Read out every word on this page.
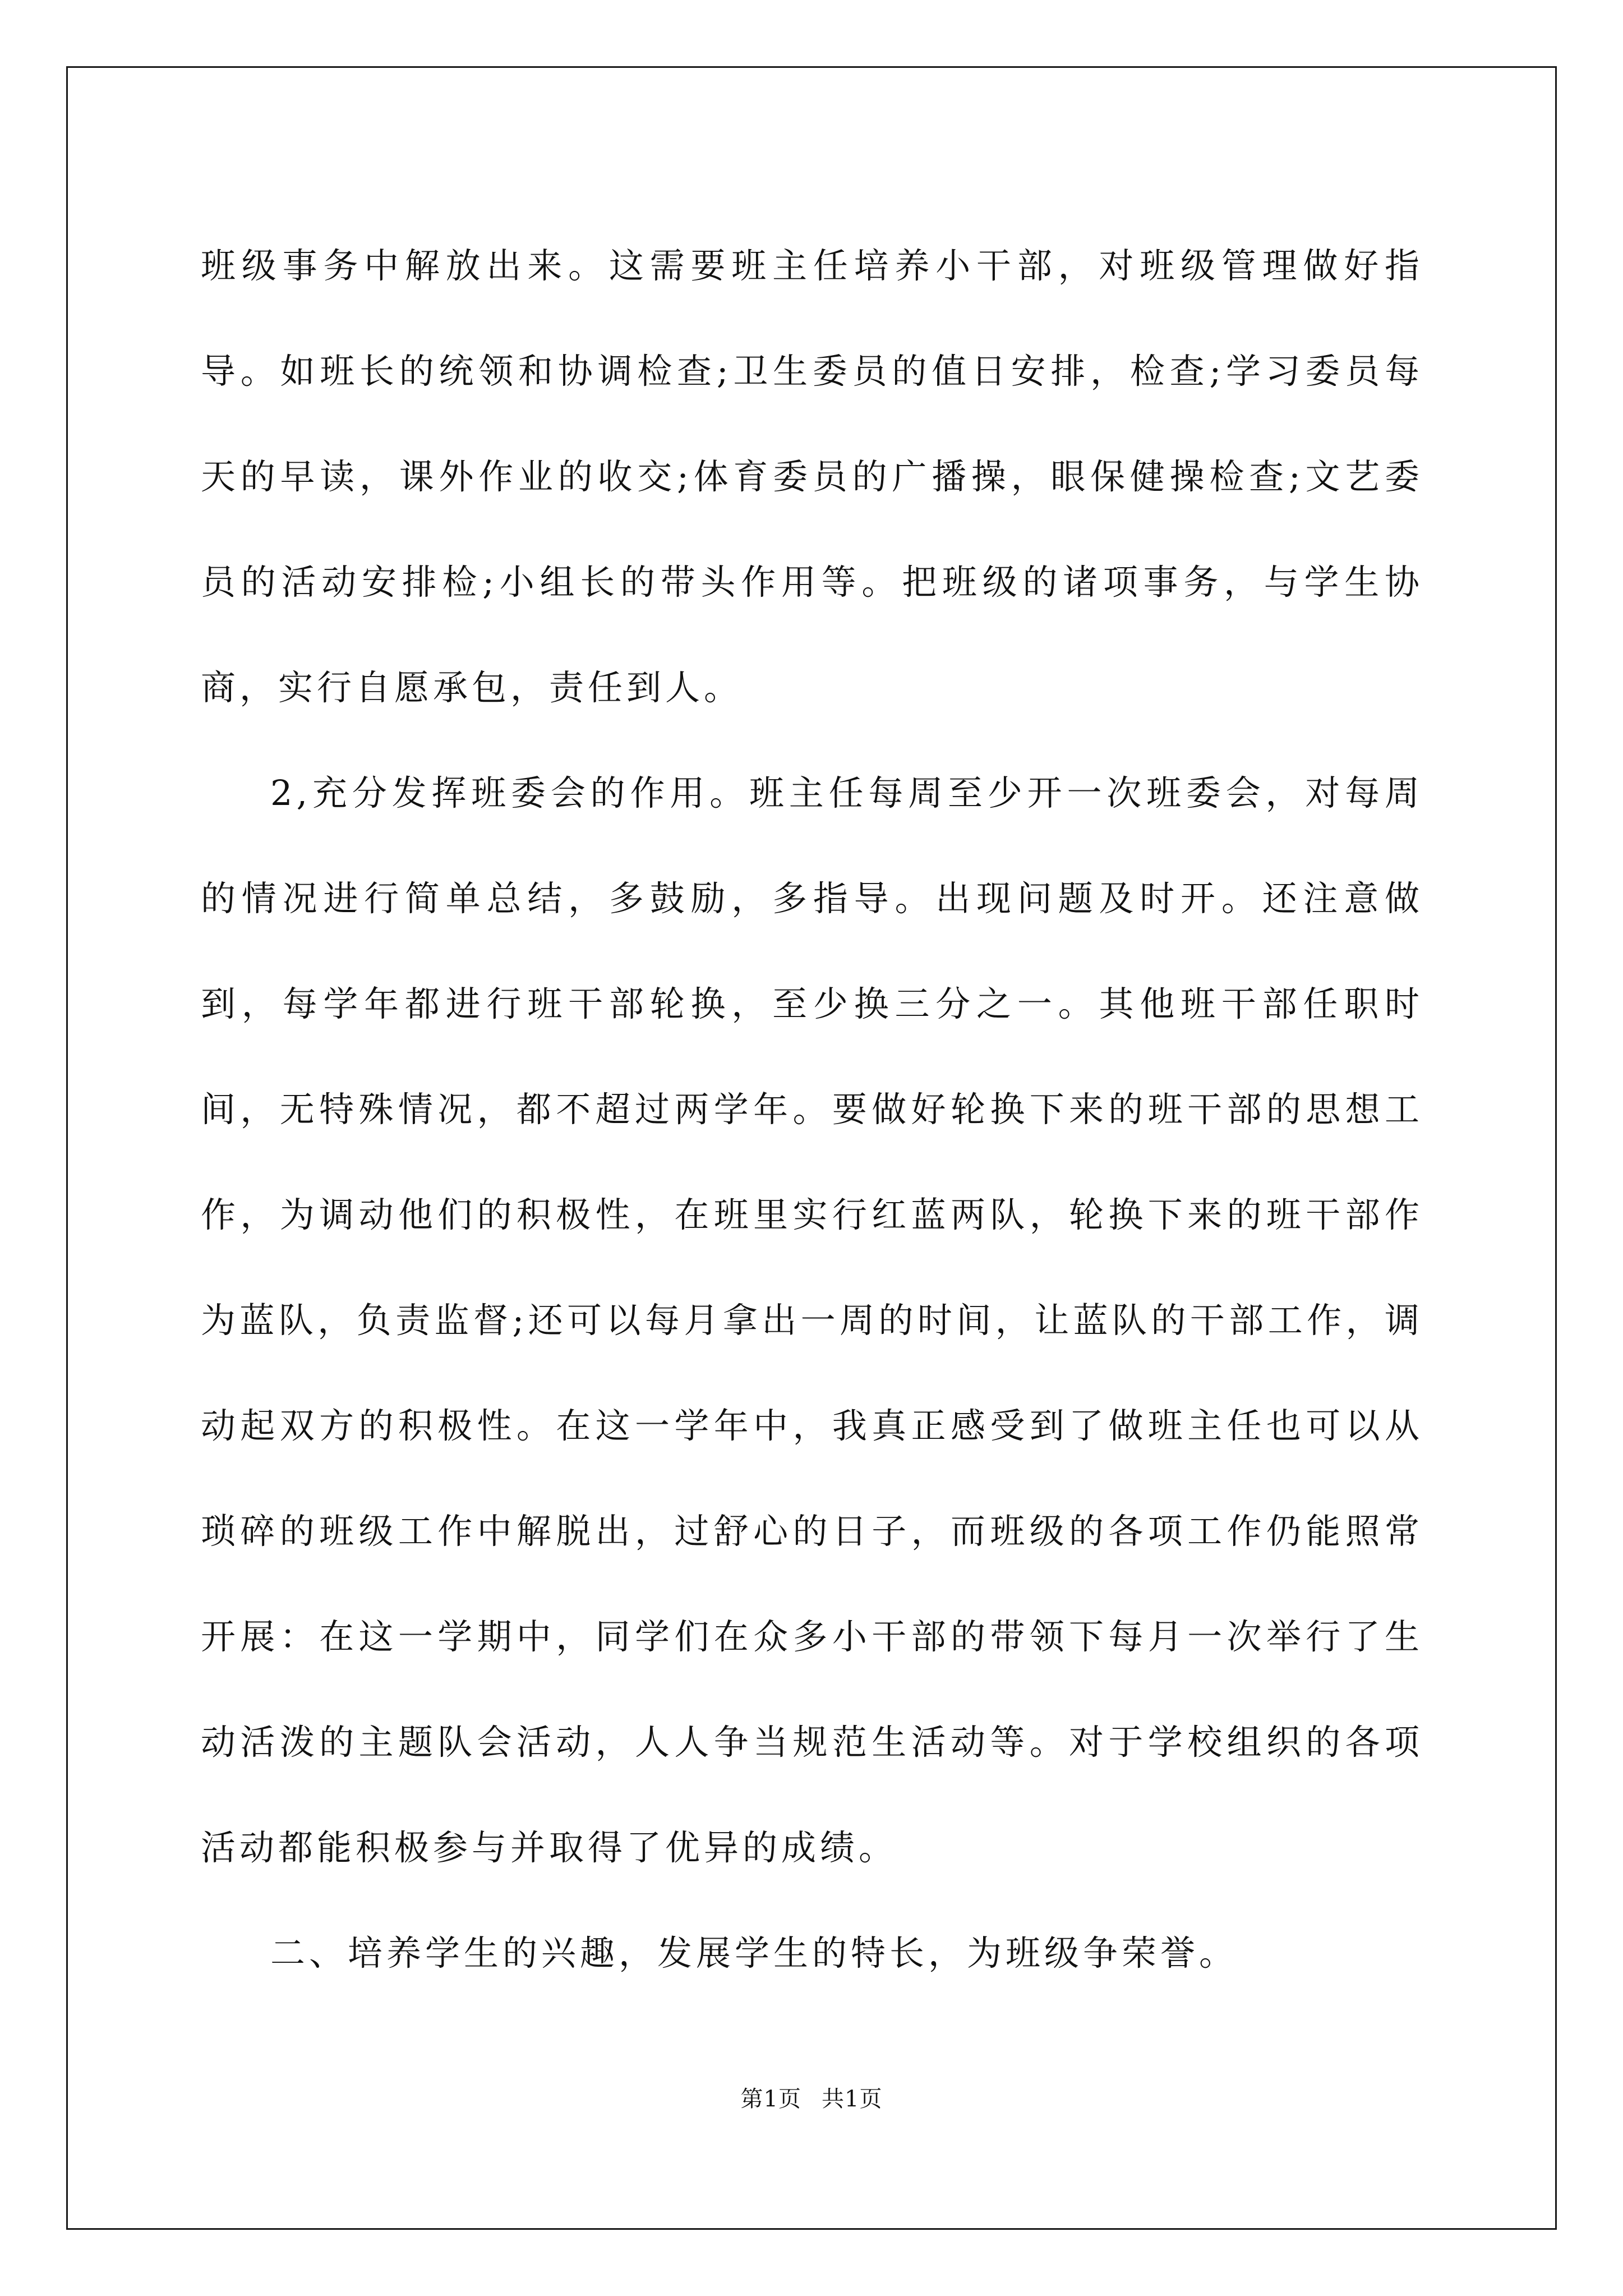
班级事务中解放出来。这需要班主任培养小干部，对班级管理做好指导。如班长的统领和协调检查;卫生委员的值日安排，检查;学习委员每天的早读，课外作业的收交;体育委员的广播操，眼保健操检查;文艺委员的活动安排检;小组长的带头作用等。把班级的诸项事务，与学生协商，实行自愿承包，责任到人。

2,充分发挥班委会的作用。班主任每周至少开一次班委会，对每周的情况进行简单总结，多鼓励，多指导。出现问题及时开。还注意做到，每学年都进行班干部轮换，至少换三分之一。其他班干部任职时间，无特殊情况，都不超过两学年。要做好轮换下来的班干部的思想工作，为调动他们的积极性，在班里实行红蓝两队，轮换下来的班干部作为蓝队，负责监督;还可以每月拿出一周的时间，让蓝队的干部工作，调动起双方的积极性。在这一学年中，我真正感受到了做班主任也可以从琐碎的班级工作中解脱出，过舒心的日子，而班级的各项工作仍能照常开展：在这一学期中，同学们在众多小干部的带领下每月一次举行了生动活泼的主题队会活动，人人争当规范生活动等。对于学校组织的各项活动都能积极参与并取得了优异的成绩。

二、培养学生的兴趣，发展学生的特长，为班级争荣誉。

第1页 共1页
